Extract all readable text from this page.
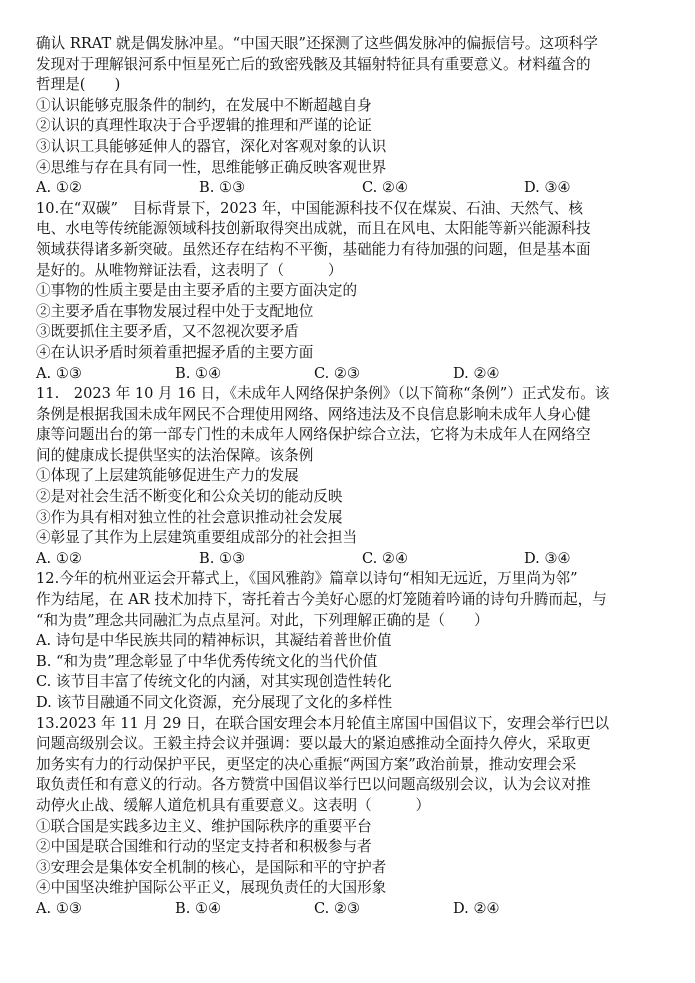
确认 RRAT 就是偶发脉冲星。“中国天眼”还探测了这些偶发脉冲的偏振信号。这项科学
发现对于理解银河系中恒星死亡后的致密残骸及其辐射特征具有重要意义。材料蕴含的
哲理是(　　)
①认识能够克服条件的制约，在发展中不断超越自身
②认识的真理性取决于合乎逻辑的推理和严谨的论证
③认识工具能够延伸人的器官，深化对客观对象的认识
④思维与存在具有同一性，思维能够正确反映客观世界
A. ①②	B. ①③	C. ②④	D. ③④
10.在“双碳”　目标背景下，2023 年，中国能源科技不仅在煤炭、石油、天然气、核
电、水电等传统能源领域科技创新取得突出成就，而且在风电、太阳能等新兴能源科技
领域获得诸多新突破。虽然还存在结构不平衡，基础能力有待加强的问题，但是基本面
是好的。从唯物辩证法看，这表明了（　　　）
①事物的性质主要是由主要矛盾的主要方面决定的
②主要矛盾在事物发展过程中处于支配地位
③既要抓住主要矛盾，又不忽视次要矛盾
④在认识矛盾时须着重把握矛盾的主要方面
A. ①③	B. ①④	C. ②③	D. ②④
11.　2023 年 10 月 16 日，《未成年人网络保护条例》（以下简称“条例”）正式发布。该
条例是根据我国未成年网民不合理使用网络、网络违法及不良信息影响未成年人身心健
康等问题出台的第一部专门性的未成年人网络保护综合立法，它将为未成年人在网络空
间的健康成长提供坚实的法治保障。该条例
①体现了上层建筑能够促进生产力的发展
②是对社会生活不断变化和公众关切的能动反映
③作为具有相对独立性的社会意识推动社会发展
④彰显了其作为上层建筑重要组成部分的社会担当
A. ①②	B. ①③	C. ②④	D. ③④
12.今年的杭州亚运会开幕式上，《国风雅韵》篇章以诗句“相知无远近，万里尚为邻”
作为结尾，在 AR 技术加持下，寄托着古今美好心愿的灯笼随着吟诵的诗句升腾而起，与
“和为贵”理念共同融汇为点点星河。对此，下列理解正确的是（　　）
A. 诗句是中华民族共同的精神标识，其凝结着普世价值
B. “和为贵”理念彰显了中华优秀传统文化的当代价值
C. 该节目丰富了传统文化的内涵，对其实现创造性转化
D. 该节目融通不同文化资源，充分展现了文化的多样性
13.2023 年 11 月 29 日，在联合国安理会本月轮值主席国中国倡议下，安理会举行巴以
问题高级别会议。王毅主持会议并强调：要以最大的紧迫感推动全面持久停火，采取更
加务实有力的行动保护平民，更坚定的决心重振“两国方案”政治前景，推动安理会采
取负责任和有意义的行动。各方赞赏中国倡议举行巴以问题高级别会议，认为会议对推
动停火止战、缓解人道危机具有重要意义。这表明（　　　）
①联合国是实践多边主义、维护国际秩序的重要平台
②中国是联合国维和行动的坚定支持者和积极参与者
③安理会是集体安全机制的核心，是国际和平的守护者
④中国坚决维护国际公平正义，展现负责任的大国形象
A. ①③	B. ①④	C. ②③	D. ②④
